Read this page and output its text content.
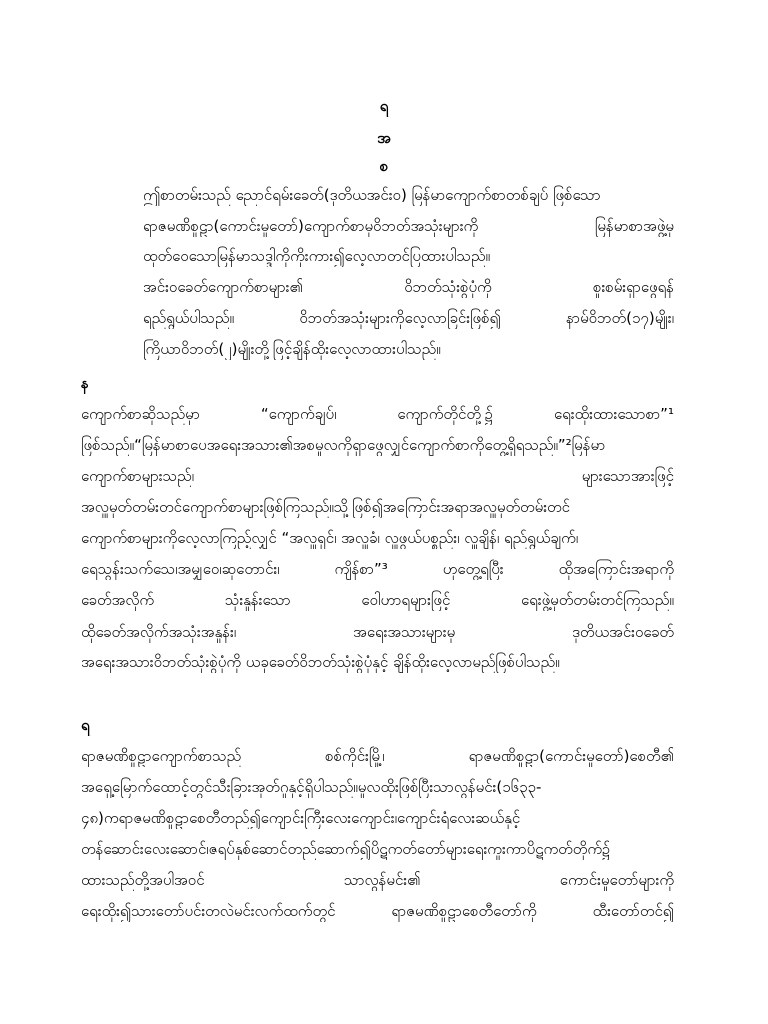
ရ
အ
စ
ဤစာတမ်းသည် ညောင်ရမ်းခေတ်(ဒုတိယအင်းဝ) မြန်မာကျောက်စာတစ်ချပ် ဖြစ်သော
ရာဇမဏိစူဠာ(ကောင်းမှုတော်)ကျောက်စာမှဝိဘတ်အသုံးများကို	မြန်မာစာအဖွဲ့မှ
ထုတ်ဝေသောမြန်မာသဒ္ဒါကိုကိုးကား၍လေ့လာတင်ပြထားပါသည်။
အင်းဝခေတ်ကျောက်စာများ၏	ဝိဘတ်သုံးစွဲပုံကို	စူးစမ်းရှာဖွေရန်
ရည်ရွယ်ပါသည်။	ဝိဘတ်အသုံးများကိုလေ့လာခြင်းဖြစ်၍	နာမ်ဝိဘတ်(၁၇)မျိုး၊
ကြိယာဝိဘတ်(၂)မျိုးတို့ဖြင့်ချိန်ထိုးလေ့လာထားပါသည်။
န
ကျောက်စာဆိုသည်မှာ	“ကျောက်ချပ်၊	ကျောက်တိုင်တို့၌	ရေးထိုးထားသောစာ”¹
ဖြစ်သည်။“မြန်မာစာပေအရေးအသား၏အစမူလကိုရှာဖွေလျှင်ကျောက်စာကိုတွေ့ရှိရသည်။”²မြန်မာ
ကျောက်စာများသည်၊	များသောအားဖြင့်
အလှူမှတ်တမ်းတင်ကျောက်စာများဖြစ်ကြသည်။သို့ဖြစ်၍အကြောင်းအရာအလှူမှတ်တမ်းတင်
ကျောက်စာများကိုလေ့လာကြည့်လျှင် “အလှူရှင်၊ အလှူခံ၊ လှူဖွယ်ပစ္စည်း၊ လှူချိန်၊ ရည်ရွယ်ချက်၊
ရေသွန်းသက်သေ၊အမျှဝေ၊ဆုတောင်း၊	ကျိန်စာ”³	ဟုတွေ့ရပြီး	ထိုအကြောင်းအရာကို
ခေတ်အလိုက်	သုံးနှုန်းသော	ဝေါဟာရများဖြင့်	ရေးဖွဲ့မှတ်တမ်းတင်ကြသည်။
ထိုခေတ်အလိုက်အသုံးအနှုန်း၊	အရေးအသားများမှ	ဒုတိယအင်းဝခေတ်
အရေးအသားဝိဘတ်သုံးစွဲပုံကို ယခုခေတ်ဝိဘတ်သုံးစွဲပုံနှင့် ချိန်ထိုးလေ့လာမည်ဖြစ်ပါသည်။
ရ
ရာဇမဏိစူဠာကျောက်စာသည်	စစ်ကိုင်းမြို့၊	ရာဇမဏိစူဠာ(ကောင်းမှုတော်)စေတီ၏
အရှေ့မြောက်ထောင့်တွင်သီးခြားအုတ်ဂူနှင့်ရှိပါသည်။မူလထိုးဖြစ်ပြီးသာလွန်မင်း(၁၆၃၃-
၄၈)ကရာဇမဏိစူဠာစေတီတည်၍ကျောင်းကြီးလေးကျောင်း၊ကျောင်းရံလေးဆယ်နှင့်
တန်ဆောင်းလေးဆောင်၊ဇရပ်နှစ်ဆောင်တည်ဆောက်၍ပိဋကတ်တော်များရေးကူးကာပိဋကတ်တိုက်၌
ထားသည်တို့အပါအဝင်	သာလွန်မင်း၏	ကောင်းမှုတော်များကို
ရေးထိုး၍သားတော်ပင်းတလဲမင်းလက်ထက်တွင်	ရာဇမဏိစူဠာစေတီတော်ကို	ထီးတော်တင်၍
